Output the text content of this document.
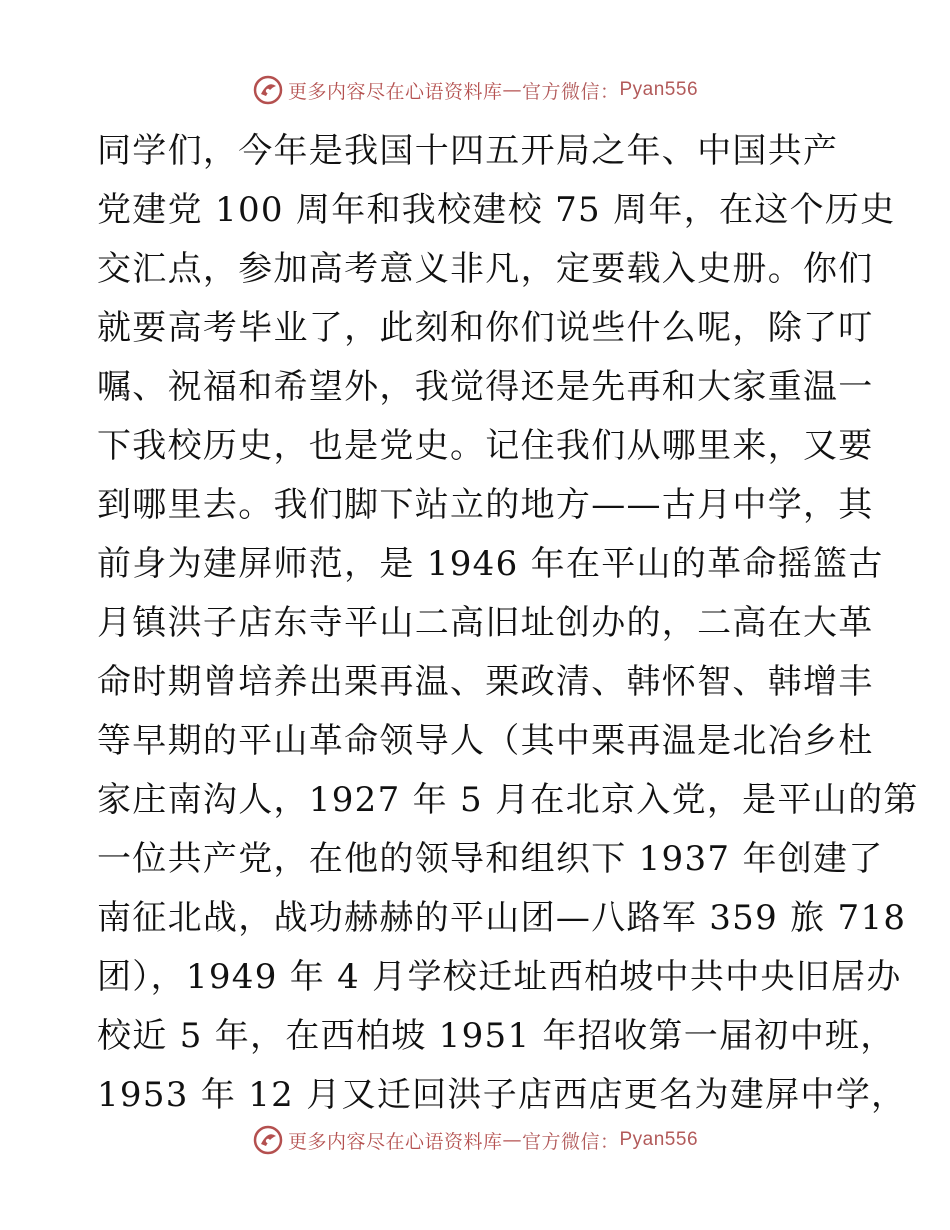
更多内容尽在心语资料库 — 官方微信： Pyan556
同学们，今年是我国十四五开局之年、中国共产
党建党 100 周年和我校建校 75 周年，在这个历史
交汇点，参加高考意义非凡，定要载入史册。你们
就要高考毕业了，此刻和你们说些什么呢，除了叮
嘱、祝福和希望外，我觉得还是先再和大家重温一
下我校历史，也是党史。记住我们从哪里来，又要
到哪里去。我们脚下站立的地方——古月中学，其
前身为建屏师范，是 1946 年在平山的革命摇篮古
月镇洪子店东寺平山二高旧址创办的，二高在大革
命时期曾培养出栗再温、栗政清、韩怀智、韩增丰
等早期的平山革命领导人（其中栗再温是北冶乡杜
家庄南沟人，1927 年 5 月在北京入党，是平山的第
一位共产党，在他的领导和组织下 1937 年创建了
南征北战，战功赫赫的平山团—八路军 359 旅 718
团），1949 年 4 月学校迁址西柏坡中共中央旧居办
校近 5 年，在西柏坡 1951 年招收第一届初中班，
1953 年 12 月又迁回洪子店西店更名为建屏中学，
更多内容尽在心语资料库 — 官方微信： Pyan556
